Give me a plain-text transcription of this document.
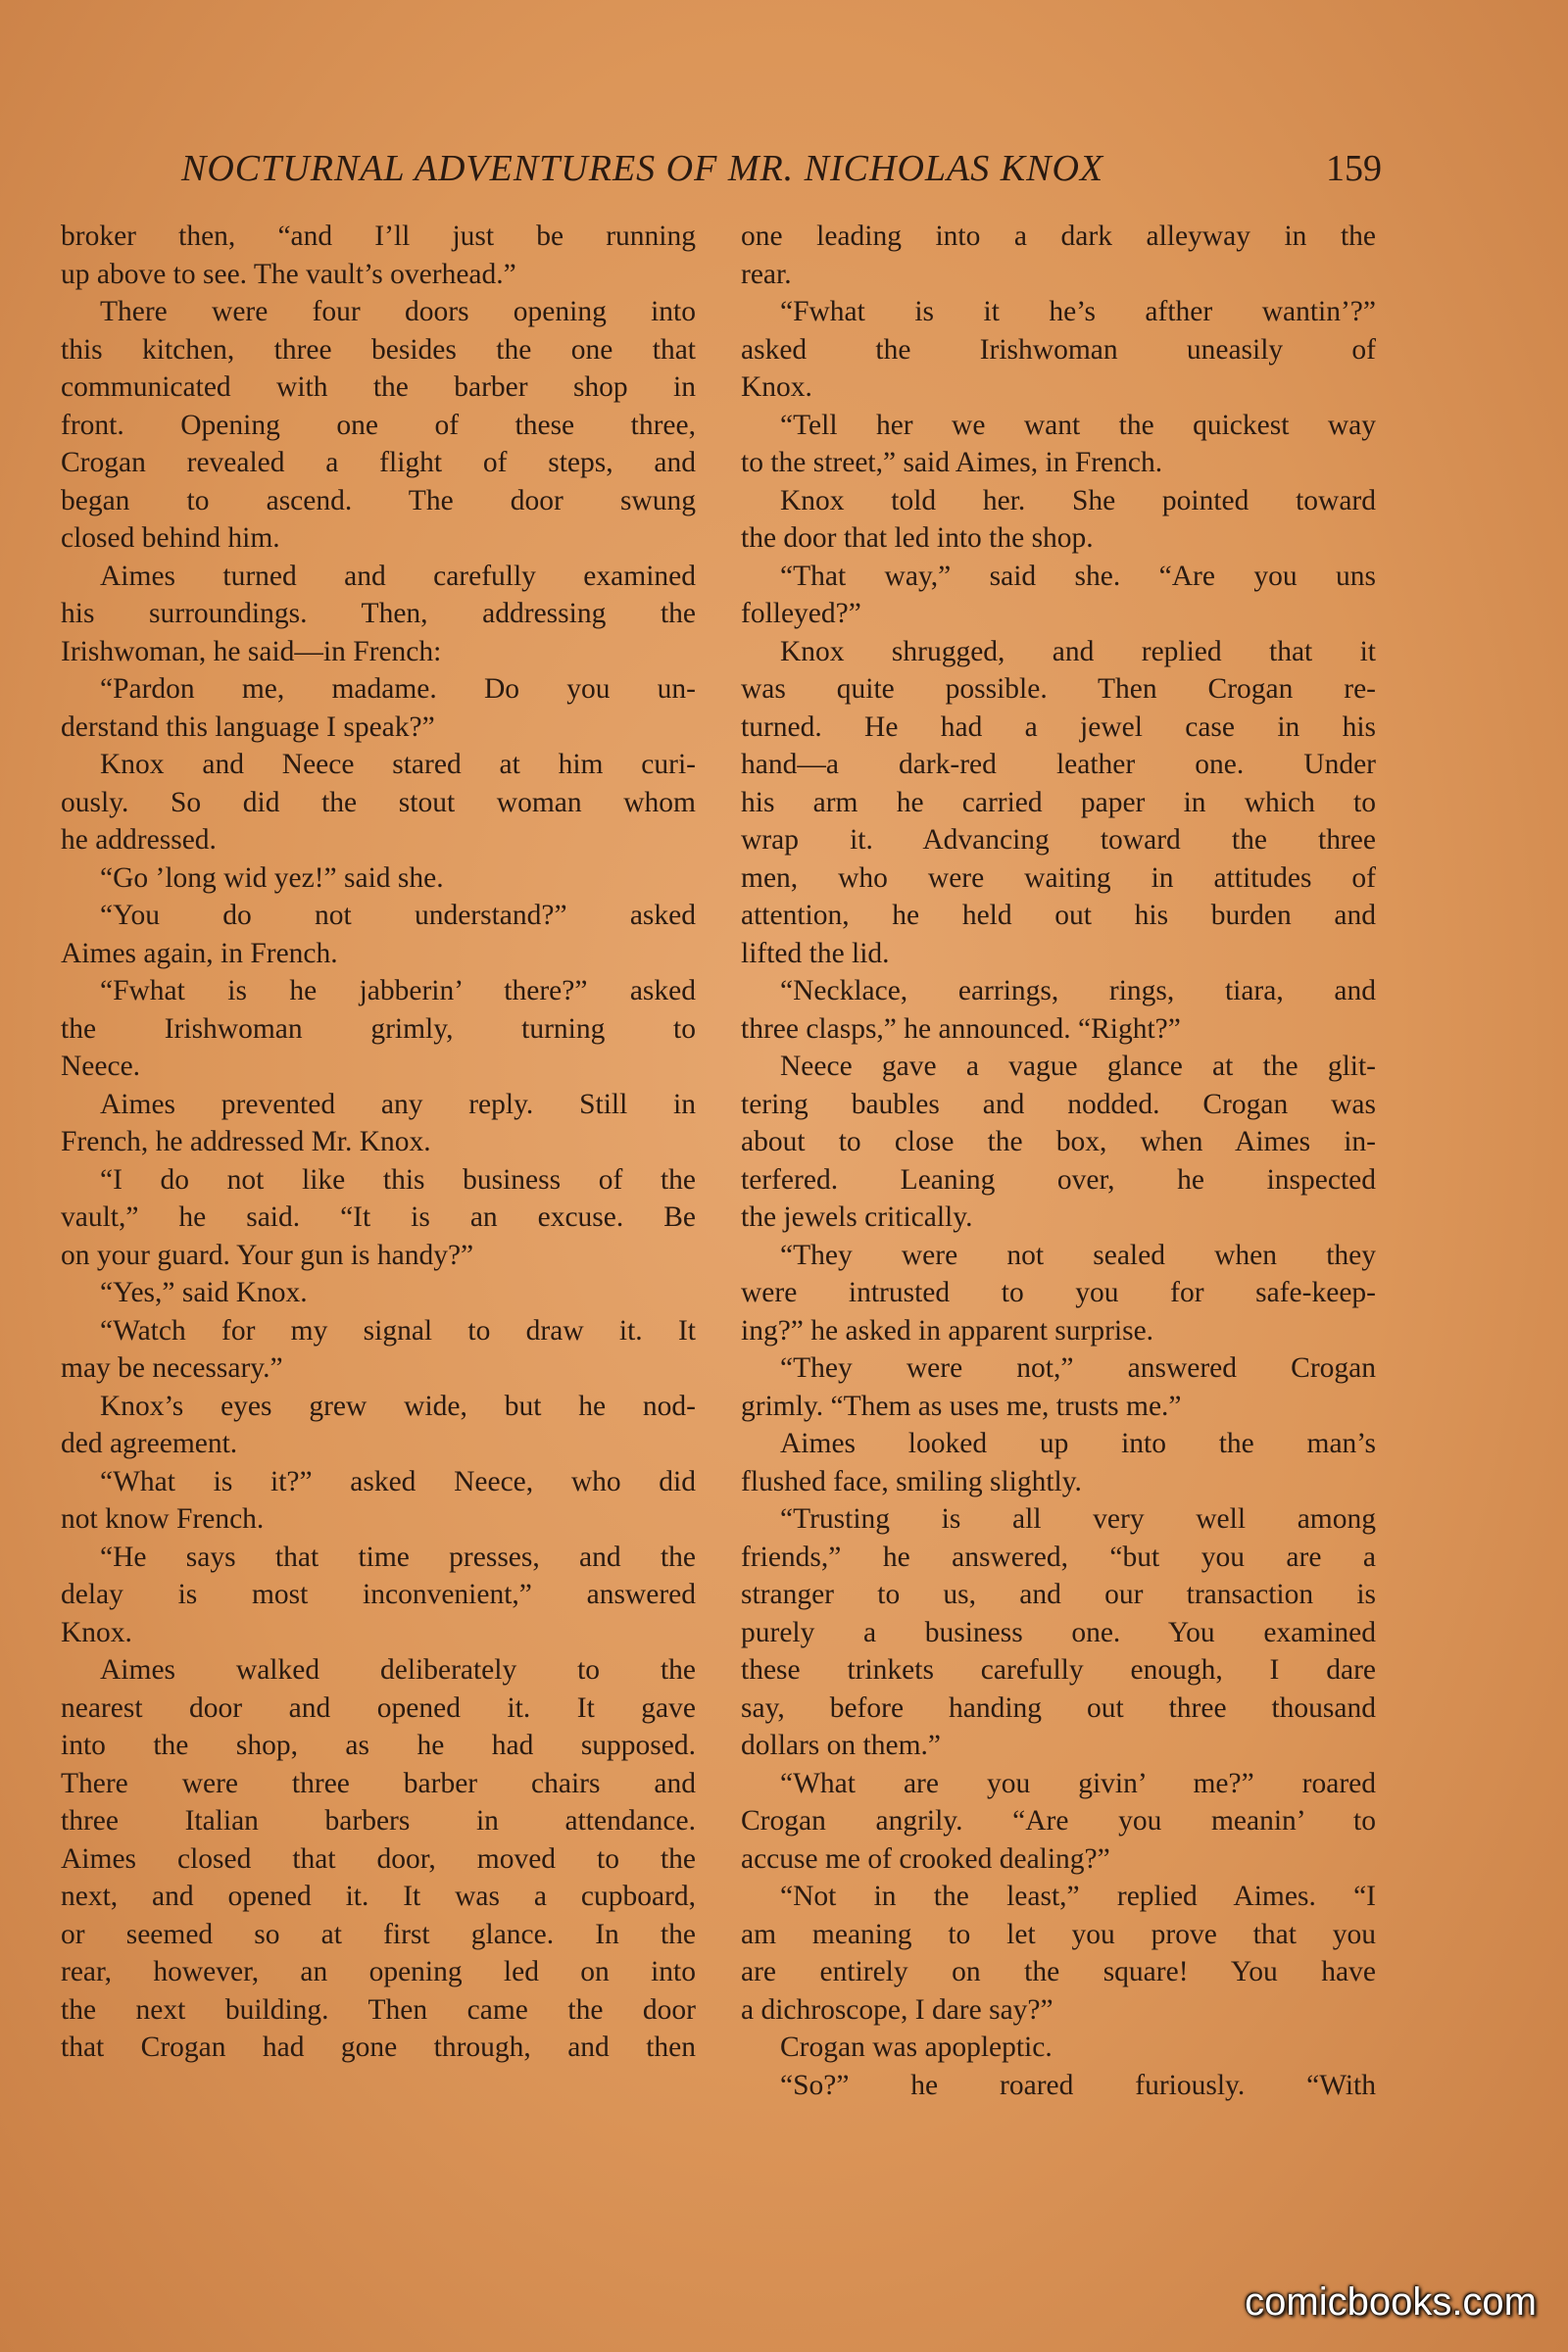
NOCTURNAL ADVENTURES OF MR. NICHOLAS KNOX	159
broker then, “and I’ll just be running
up above to see. The vault’s overhead.”
There were four doors opening into
this kitchen, three besides the one that
communicated with the barber shop in
front. Opening one of these three,
Crogan revealed a flight of steps, and
began to ascend. The door swung
closed behind him.
Aimes turned and carefully examined
his surroundings. Then, addressing the
Irishwoman, he said—in French:
“Pardon me, madame. Do you un-
derstand this language I speak?”
Knox and Neece stared at him curi-
ously. So did the stout woman whom
he addressed.
“Go ’long wid yez!” said she.
“You do not understand?” asked
Aimes again, in French.
“Fwhat is he jabberin’ there?” asked
the Irishwoman grimly, turning to
Neece.
Aimes prevented any reply. Still in
French, he addressed Mr. Knox.
“I do not like this business of the
vault,” he said. “It is an excuse. Be
on your guard. Your gun is handy?”
“Yes,” said Knox.
“Watch for my signal to draw it. It
may be necessary.”
Knox’s eyes grew wide, but he nod-
ded agreement.
“What is it?” asked Neece, who did
not know French.
“He says that time presses, and the
delay is most inconvenient,” answered
Knox.
Aimes walked deliberately to the
nearest door and opened it. It gave
into the shop, as he had supposed.
There were three barber chairs and
three Italian barbers in attendance.
Aimes closed that door, moved to the
next, and opened it. It was a cupboard,
or seemed so at first glance. In the
rear, however, an opening led on into
the next building. Then came the door
that Crogan had gone through, and then
one leading into a dark alleyway in the
rear.
“Fwhat is it he’s afther wantin’?”
asked the Irishwoman uneasily of
Knox.
“Tell her we want the quickest way
to the street,” said Aimes, in French.
Knox told her. She pointed toward
the door that led into the shop.
“That way,” said she. “Are you uns
folleyed?”
Knox shrugged, and replied that it
was quite possible. Then Crogan re-
turned. He had a jewel case in his
hand—a dark-red leather one. Under
his arm he carried paper in which to
wrap it. Advancing toward the three
men, who were waiting in attitudes of
attention, he held out his burden and
lifted the lid.
“Necklace, earrings, rings, tiara, and
three clasps,” he announced. “Right?”
Neece gave a vague glance at the glit-
tering baubles and nodded. Crogan was
about to close the box, when Aimes in-
terfered. Leaning over, he inspected
the jewels critically.
“They were not sealed when they
were intrusted to you for safe-keep-
ing?” he asked in apparent surprise.
“They were not,” answered Crogan
grimly. “Them as uses me, trusts me.”
Aimes looked up into the man’s
flushed face, smiling slightly.
“Trusting is all very well among
friends,” he answered, “but you are a
stranger to us, and our transaction is
purely a business one. You examined
these trinkets carefully enough, I dare
say, before handing out three thousand
dollars on them.”
“What are you givin’ me?” roared
Crogan angrily. “Are you meanin’ to
accuse me of crooked dealing?”
“Not in the least,” replied Aimes. “I
am meaning to let you prove that you
are entirely on the square! You have
a dichroscope, I dare say?”
Crogan was apopleptic.
“So?” he roared furiously. “With
comicbooks.com
